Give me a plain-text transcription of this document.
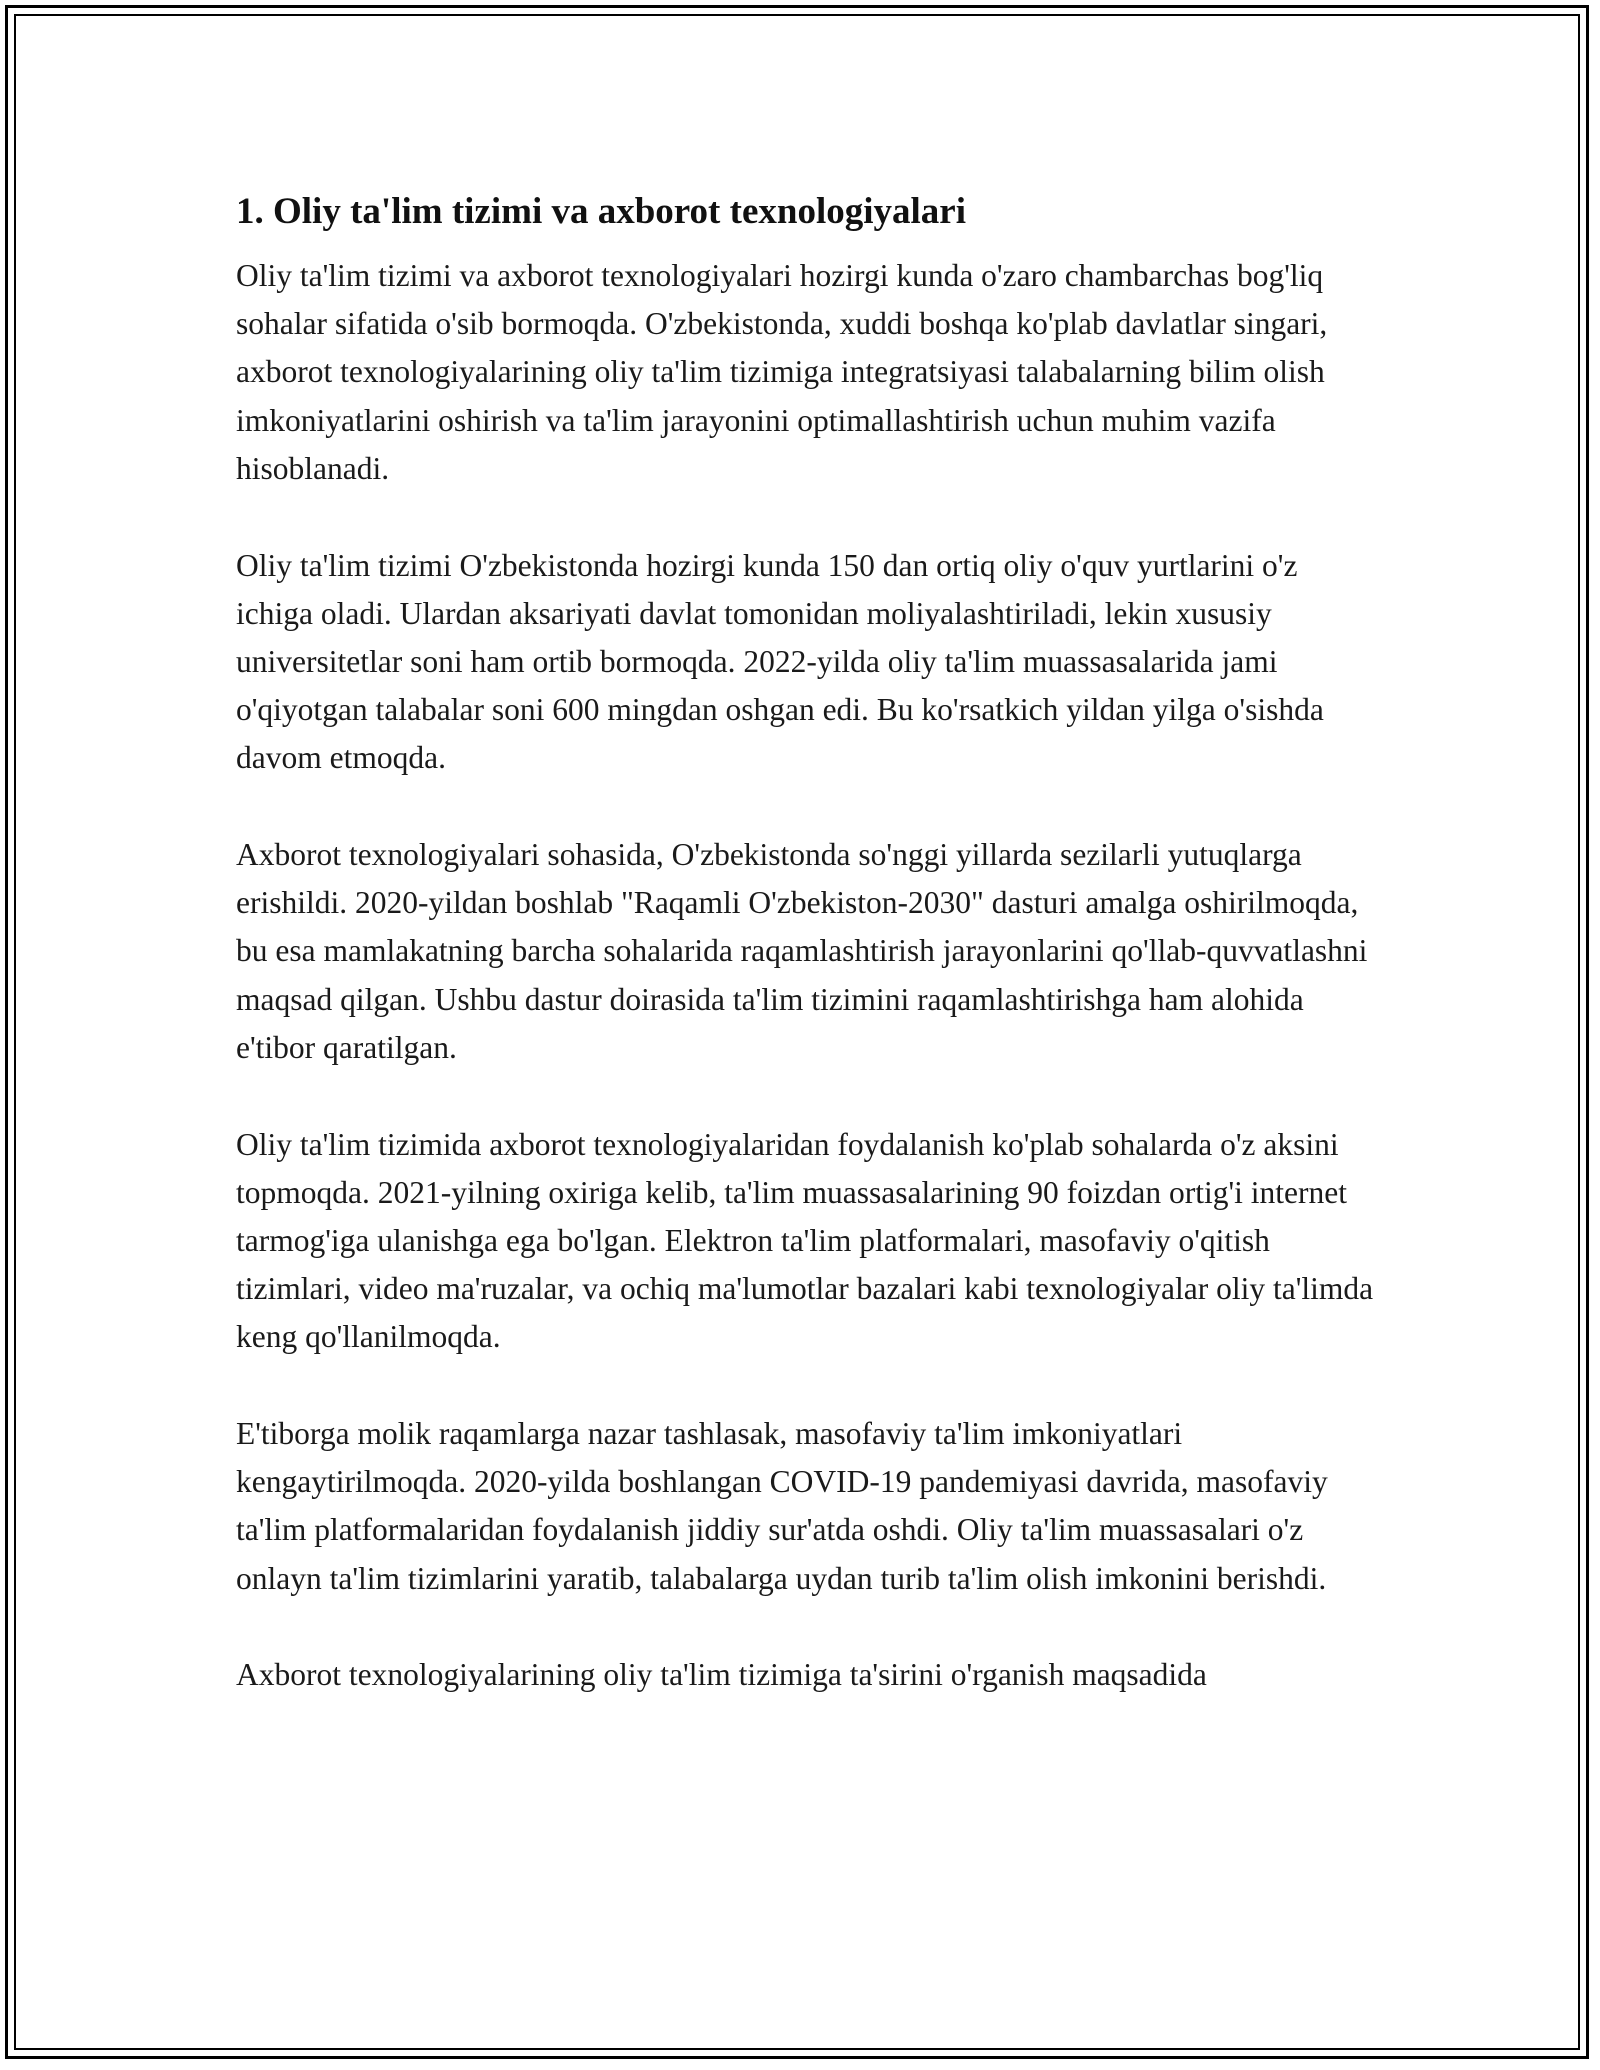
1. Oliy ta'lim tizimi va axborot texnologiyalari

Oliy ta'lim tizimi va axborot texnologiyalari hozirgi kunda o'zaro chambarchas bog'liq sohalar sifatida o'sib bormoqda. O'zbekistonda, xuddi boshqa ko'plab davlatlar singari, axborot texnologiyalarining oliy ta'lim tizimiga integratsiyasi talabalarning bilim olish imkoniyatlarini oshirish va ta'lim jarayonini optimallashtirish uchun muhim vazifa hisoblanadi.

Oliy ta'lim tizimi O'zbekistonda hozirgi kunda 150 dan ortiq oliy o'quv yurtlarini o'z ichiga oladi. Ulardan aksariyati davlat tomonidan moliyalashtiriladi, lekin xususiy universitetlar soni ham ortib bormoqda. 2022-yilda oliy ta'lim muassasalarida jami o'qiyotgan talabalar soni 600 mingdan oshgan edi. Bu ko'rsatkich yildan yilga o'sishda davom etmoqda.

Axborot texnologiyalari sohasida, O'zbekistonda so'nggi yillarda sezilarli yutuqlarga erishildi. 2020-yildan boshlab "Raqamli O'zbekiston-2030" dasturi amalga oshirilmoqda, bu esa mamlakatning barcha sohalarida raqamlashtirish jarayonlarini qo'llab-quvvatlashni maqsad qilgan. Ushbu dastur doirasida ta'lim tizimini raqamlashtirishga ham alohida e'tibor qaratilgan.

Oliy ta'lim tizimida axborot texnologiyalaridan foydalanish ko'plab sohalarda o'z aksini topmoqda. 2021-yilning oxiriga kelib, ta'lim muassasalarining 90 foizdan ortig'i internet tarmog'iga ulanishga ega bo'lgan. Elektron ta'lim platformalari, masofaviy o'qitish tizimlari, video ma'ruzalar, va ochiq ma'lumotlar bazalari kabi texnologiyalar oliy ta'limda keng qo'llanilmoqda.

E'tiborga molik raqamlarga nazar tashlasak, masofaviy ta'lim imkoniyatlari kengaytirilmoqda. 2020-yilda boshlangan COVID-19 pandemiyasi davrida, masofaviy ta'lim platformalaridan foydalanish jiddiy sur'atda oshdi. Oliy ta'lim muassasalari o'z onlayn ta'lim tizimlarini yaratib, talabalarga uydan turib ta'lim olish imkonini berishdi.

Axborot texnologiyalarining oliy ta'lim tizimiga ta'sirini o'rganish maqsadida
